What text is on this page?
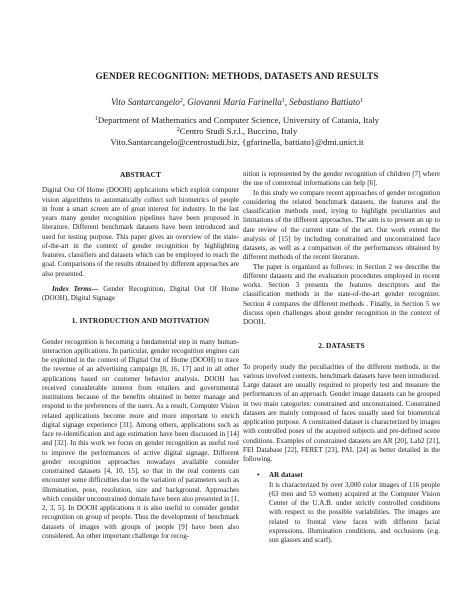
GENDER RECOGNITION: METHODS, DATASETS AND RESULTS
Vito Santarcangelo$^2$, Giovanni Maria Farinella$^1$, Sebastiano Battiato$^1$
$^1$Department of Mathematics and Computer Science, University of Catania, Italy
$^2$Centro Studi S.r.l., Buccino, Italy
Vito.Santarcangelo@centrostudi.biz, {gfarinella, battiato}@dmi.unict.it
ABSTRACT

Digital Out Of Home (DOOH) applications which exploit computer vision algorithms to automatically collect soft biometrics of people in front a smart screen are of great interest for industry. In the last years many gender recognition pipelines have been proposed in literature. Different benchmark datasets have been introduced and used for testing purpose. This paper gives an overview of the state-of-the-art in the context of gender recognition by highlighting features, classifiers and datasets which can be employed to reach the goal. Comparisons of the results obtained by different approaches are also presented.

Index Terms— Gender Recognition, Digital Out Of Home (DOOH), Digital Signage

1. INTRODUCTION AND MOTIVATION

Gender recognition is becoming a fundamental step in many human-interaction applications. In particular, gender recognition engines can be exploited in the context of Digital Out of Home (DOOH) to trace the revenue of an advertising campaign [8, 16, 17] and in all other applications based on customer behavior analysis. DOOH has received considerable interest from retailers and governmental institutions because of the benefits obtained in better manage and respond to the preferences of the users. As a result, Computer Vision related applications become more and more important to enrich digital signage experience [31]. Among others, applications such as face re-identification and age estimation have been discussed in [14] and [32]. In this work we focus on gender recognition as useful tool to improve the performances of active digital signage. Different gender recognition approaches nowadays available consider constrained datasets [4, 10, 15], so that in the real contexts can encounter some difficulties due to the variation of parameters such as illumination, pose, resolution, size and background. Approaches which consider unconstrained domain have been also presented in [1, 2, 3, 5]. In DOOH applications it is also useful to consider gender recognition on group of people. Thus the development of benchmark datasets of images with groups of people [9] have been also considered. An other important challenge for recog-

nition is represented by the gender recognition of children [7] where the use of contextual informations can help [6].

In this study we compare recent approaches of gender recognition considering the related benchmark datasets, the features and the classification methods used, trying to highlight peculiarities and limitations of the different approaches. The aim is to present an up to date review of the current state of the art. Our work extend the analysis of [15] by including constrained and unconstrained face datasets, as well as a comparison of the performances obtained by different methods of the recent literature.

The paper is organized as follows: in Section 2 we describe the different datasets and the evaluation procedures employed in recent works. Section 3 presents the features descriptors and the classification methods in the state-of-the-art gender recognizer. Section 4 compares the different methods . Finally, in Section 5 we discuss open challenges about gender recognition in the context of DOOH.

2. DATASETS

To properly study the peculiarities of the different methods, in the various involved contexts, benchmark datasets have been introduced. Large dataset are usually required to properly test and measure the performances of an approach. Gender image datasets can be grouped in two main categories: constrained and unconstrained. Constrained datasets are mainly composed of faces usually used for biometrical application purpose. A constrained dataset is characterized by images with controlled poses of the acquired subjects and pre-defined scene conditions. Examples of constrained datasets are AR [20], Lab2 [21], FEI Database [22], FERET [23], PAL [24] as better detailed in the following.

• AR dataset

It is characterized by over 3,000 color images of 116 people (63 men and 53 women) acquired at the Computer Vision Center of the U.A.B. under strictly controlled conditions with respect to the possible variabilities. The images are related to frontal view faces with different facial expressions, illumination conditions, and occlusions (e.g. sun glasses and scarf).
